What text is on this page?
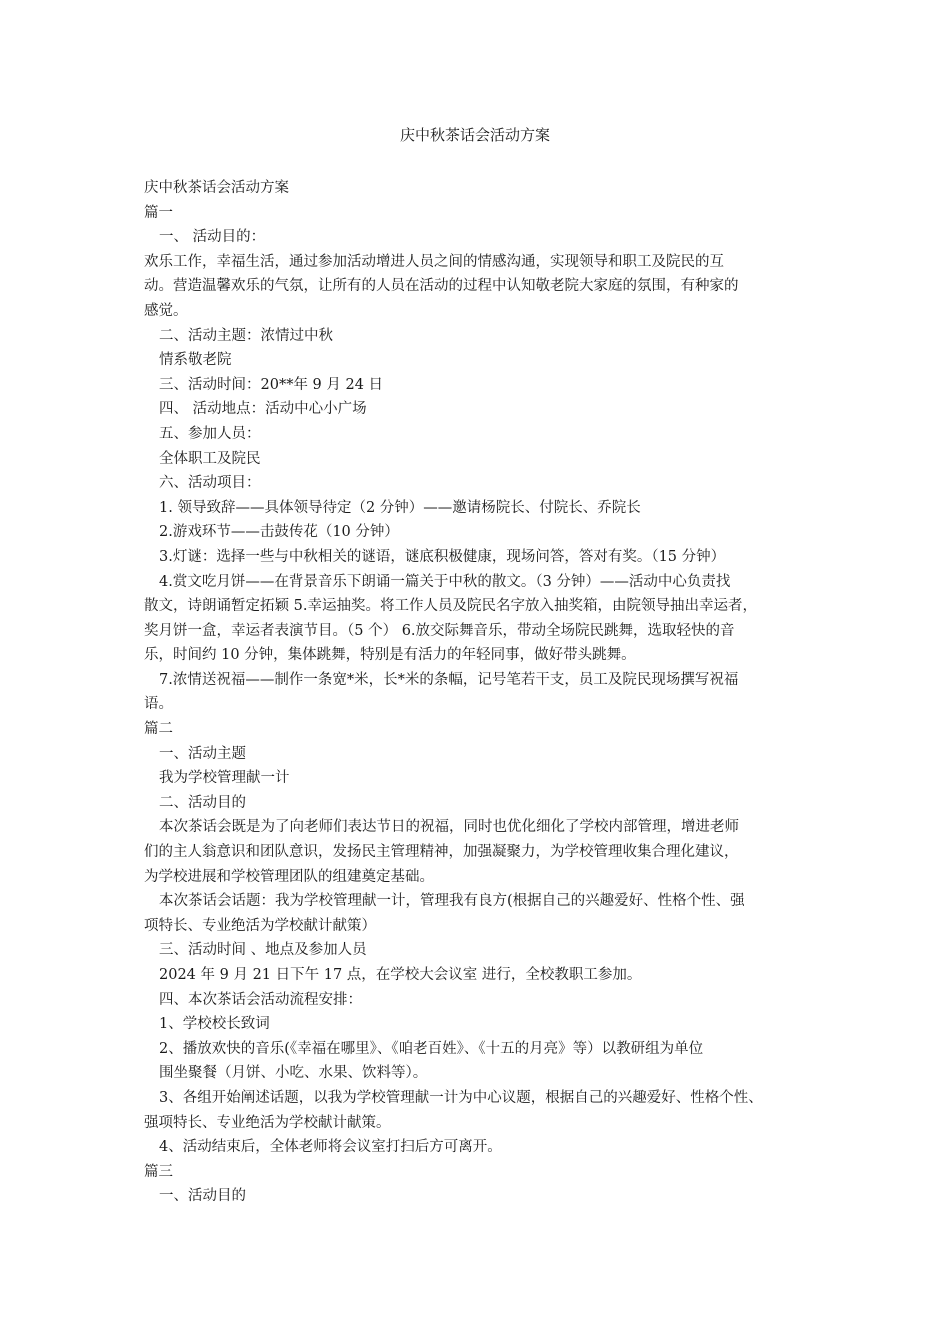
庆中秋茶话会活动方案

庆中秋茶话会活动方案

篇一

一、 活动目的：

欢乐工作，幸福生活，通过参加活动增进人员之间的情感沟通，实现领导和职工及院民的互

动。营造温馨欢乐的气氛，让所有的人员在活动的过程中认知敬老院大家庭的氛围，有种家的

感觉。

二、活动主题：浓情过中秋

情系敬老院

三、活动时间：20**年 9 月 24 日

四、 活动地点：活动中心小广场

五、参加人员：

全体职工及院民

六、活动项目：

1. 领导致辞——具体领导待定（2 分钟）——邀请杨院长、付院长、乔院长

2.游戏环节——击鼓传花（10 分钟）

3.灯谜：选择一些与中秋相关的谜语，谜底积极健康，现场问答，答对有奖。（15 分钟）

4.赏文吃月饼——在背景音乐下朗诵一篇关于中秋的散文。（3 分钟）——活动中心负责找

散文，诗朗诵暂定拓颖 5.幸运抽奖。将工作人员及院民名字放入抽奖箱，由院领导抽出幸运者，

奖月饼一盒，幸运者表演节目。（5 个） 6.放交际舞音乐，带动全场院民跳舞，选取轻快的音

乐，时间约 10 分钟，集体跳舞，特别是有活力的年轻同事，做好带头跳舞。

7.浓情送祝福——制作一条宽*米，长*米的条幅，记号笔若干支，员工及院民现场撰写祝福

语。

篇二

一、活动主题

我为学校管理献一计

二、活动目的

本次茶话会既是为了向老师们表达节日的祝福，同时也优化细化了学校内部管理，增进老师

们的主人翁意识和团队意识，发扬民主管理精神，加强凝聚力，为学校管理收集合理化建议，

为学校进展和学校管理团队的组建奠定基础。

本次茶话会话题：我为学校管理献一计，管理我有良方(根据自己的兴趣爱好、性格个性、强

项特长、专业绝活为学校献计献策）

三、活动时间 、地点及参加人员

2024 年 9 月 21 日下午 17 点，在学校大会议室 进行，全校教职工参加。

四、本次茶话会活动流程安排：

1、学校校长致词

2、播放欢快的音乐(《幸福在哪里》、《咱老百姓》、《十五的月亮》等）以教研组为单位

围坐聚餐（月饼、小吃、水果、饮料等）。

3、各组开始阐述话题，以我为学校管理献一计为中心议题，根据自己的兴趣爱好、性格个性、

强项特长、专业绝活为学校献计献策。

4、活动结束后，全体老师将会议室打扫后方可离开。

篇三

一、活动目的
